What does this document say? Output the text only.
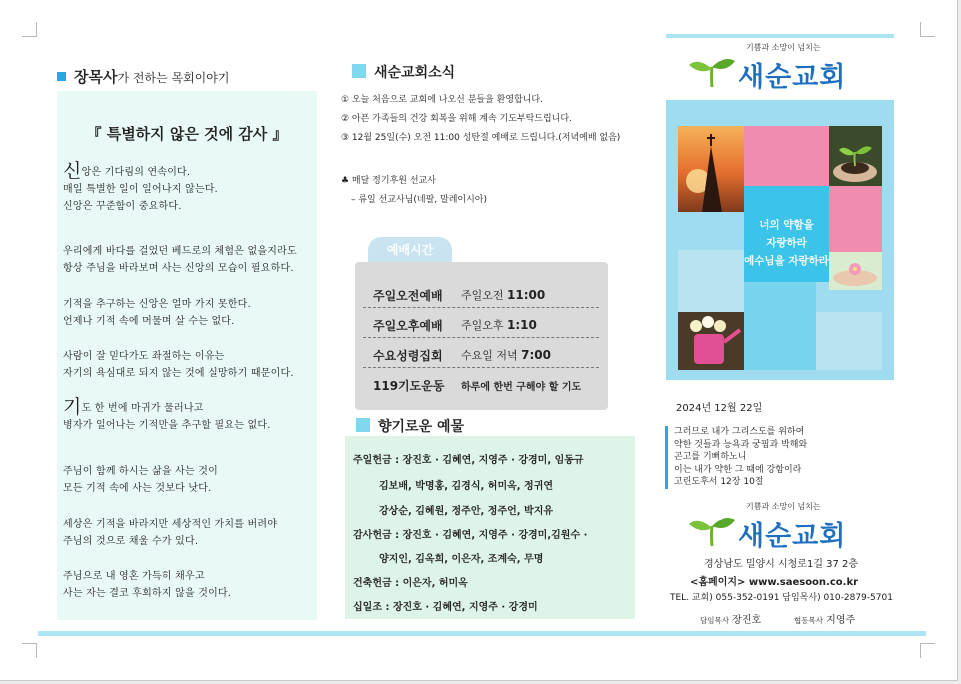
장목사가 전하는 목회이야기
『 특별하지 않은 것에 감사 』
신앙은 기다림의 연속이다.
매일 특별한 일이 일어나지 않는다.
신앙은 꾸준함이 중요하다.
우리에게 바다를 걸었던 베드로의 체험은 없을지라도
항상 주님을 바라보며 사는 신앙의 모습이 필요하다.
기적을 추구하는 신앙은 얼마 가지 못한다.
언제나 기적 속에 머물며 살 수는 없다.
사람이 잘 믿다가도 좌절하는 이유는
자기의 욕심대로 되지 않는 것에 실망하기 때문이다.
기도 한 번에 마귀가 물러나고
병자가 일어나는 기적만을 추구할 필요는 없다.
주님이 함께 하시는 삶을 사는 것이
모든 기적 속에 사는 것보다 낫다.
세상은 기적을 바라지만 세상적인 가치를 버려야
주님의 것으로 채울 수가 있다.
주님으로 내 영혼 가득히 채우고
사는 자는 결코 후회하지 않을 것이다.
새순교회소식
① 오늘 처음으로 교회에 나오신 분들을 환영합니다.
② 아픈 가족들의 건강 회복을 위해 계속 기도부탁드립니다.
③ 12월 25일(수) 오전 11:00 성탄절 예배로 드립니다.(저녁예배 없음)
♣ 매달 정기후원 선교사
– 류일 선교사님(네팔, 말레이시아)
예배시간
주일오전예배 주일오전 11:00
주일오후예배 주일오후 1:10
수요성령집회 수요일 저녁 7:00
119기도운동 하루에 한번 구해야 할 기도
향기로운 예물
주일헌금 : 장진호 · 김혜연, 지영주 · 강경미, 임동규
김보배, 박명홍, 김경식, 허미옥, 정귀연
강상순, 김혜원, 정주안, 정주언, 박지유
감사헌금 : 장진호 · 김혜연, 지영주 · 강경미,김원수 ·
양지인, 김옥희, 이은자, 조계숙, 무명
건축헌금 : 이은자, 허미옥
십일조 : 장진호 · 김혜연, 지영주 · 강경미
기쁨과 소망이 넘치는
새순교회
너의 약함을
자랑하라
예수님을 자랑하라
2024년 12월 22일
그러므로 내가 그리스도를 위하여
약한 것들과 능욕과 궁핍과 박해와
곤고를 기뻐하노니
이는 내가 약한 그 때에 강함이라
고린도후서 12장 10절
기쁨과 소망이 넘치는
새순교회
경상남도 밀양시 시청로1길 37 2층
<홈페이지> www.saesoon.co.kr
TEL. 교회) 055-352-0191 담임목사) 010-2879-5701
담임목사 장진호	협동목사 지영주
